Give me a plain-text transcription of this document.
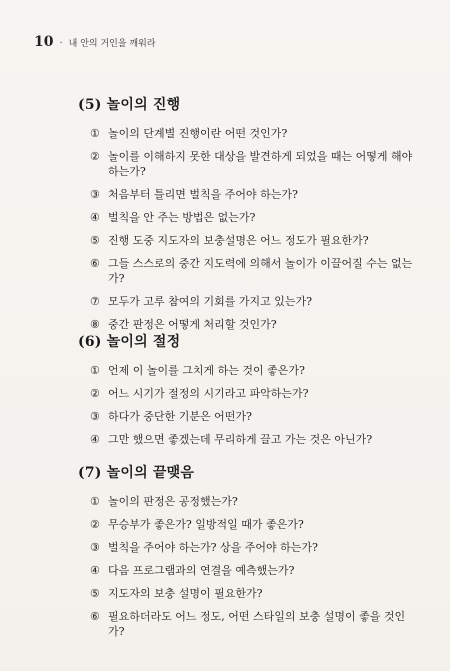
10 · 내 안의 거인을 깨워라
(5) 놀이의 진행
① 놀이의 단계별 진행이란 어떤 것인가?
② 놀이를 이해하지 못한 대상을 발견하게 되었을 때는 어떻게 해야 하는가?
③ 처음부터 틀리면 벌칙을 주어야 하는가?
④ 벌칙을 안 주는 방법은 없는가?
⑤ 진행 도중 지도자의 보충설명은 어느 정도가 필요한가?
⑥ 그들 스스로의 중간 지도력에 의해서 놀이가 이끌어질 수는 없는가?
⑦ 모두가 고루 참여의 기회를 가지고 있는가?
⑧ 중간 판정은 어떻게 처리할 것인가?
(6) 놀이의 절정
① 언제 이 놀이를 그치게 하는 것이 좋은가?
② 어느 시기가 절정의 시기라고 파악하는가?
③ 하다가 중단한 기분은 어떤가?
④ 그만 했으면 좋겠는데 무리하게 끌고 가는 것은 아닌가?
(7) 놀이의 끝맺음
① 놀이의 판정은 공정했는가?
② 무승부가 좋은가? 일방적일 때가 좋은가?
③ 벌칙을 주어야 하는가? 상을 주어야 하는가?
④ 다음 프로그램과의 연결을 예측했는가?
⑤ 지도자의 보충 설명이 필요한가?
⑥ 필요하더라도 어느 정도, 어떤 스타일의 보충 설명이 좋을 것인가?
